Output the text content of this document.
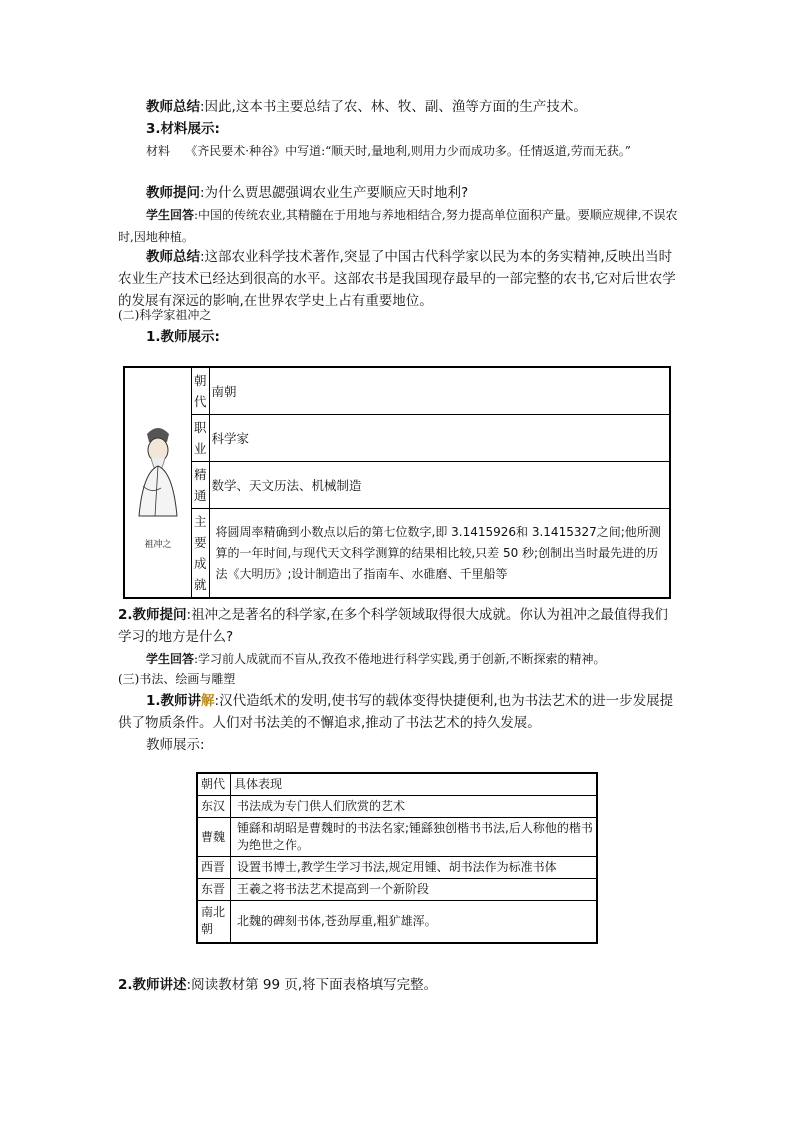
教师总结:因此,这本书主要总结了农、林、牧、副、渔等方面的生产技术。

3.材料展示:

材料 《齐民要术·种谷》中写道:“顺天时,量地利,则用力少而成功多。任情返道,劳而无获。”

教师提问:为什么贾思勰强调农业生产要顺应天时地利?

学生回答:中国的传统农业,其精髓在于用地与养地相结合,努力提高单位面积产量。要顺应规律,不误农时,因地种植。

教师总结:这部农业科学技术著作,突显了中国古代科学家以民为本的务实精神,反映出当时农业生产技术已经达到很高的水平。这部农书是我国现存最早的一部完整的农书,它对后世农学的发展有深远的影响,在世界农学史上占有重要地位。

(二)科学家祖冲之

1.教师展示:

祖冲之	朝代	南朝
	职业	科学家
	精通	数学、天文历法、机械制造
	主要成就	将圆周率精确到小数点以后的第七位数字,即 3.1415926和 3.1415327之间;他所测算的一年时间,与现代天文科学测算的结果相比较,只差 50 秒;创制出当时最先进的历法《大明历》;设计制造出了指南车、水碓磨、千里船等

2.教师提问:祖冲之是著名的科学家,在多个科学领域取得很大成就。你认为祖冲之最值得我们学习的地方是什么?

学生回答:学习前人成就而不盲从,孜孜不倦地进行科学实践,勇于创新,不断探索的精神。

(三)书法、绘画与雕塑

1.教师讲解:汉代造纸术的发明,使书写的载体变得快捷便利,也为书法艺术的进一步发展提供了物质条件。人们对书法美的不懈追求,推动了书法艺术的持久发展。

教师展示:

朝代	具体表现
东汉	书法成为专门供人们欣赏的艺术
曹魏	锺繇和胡昭是曹魏时的书法名家;锺繇独创楷书书法,后人称他的楷书为绝世之作。
西晋	设置书博士,教学生学习书法,规定用锺、胡书法作为标准书体
东晋	王羲之将书法艺术提高到一个新阶段
南北朝	北魏的碑刻书体,苍劲厚重,粗犷雄浑。

2.教师讲述:阅读教材第 99 页,将下面表格填写完整。
